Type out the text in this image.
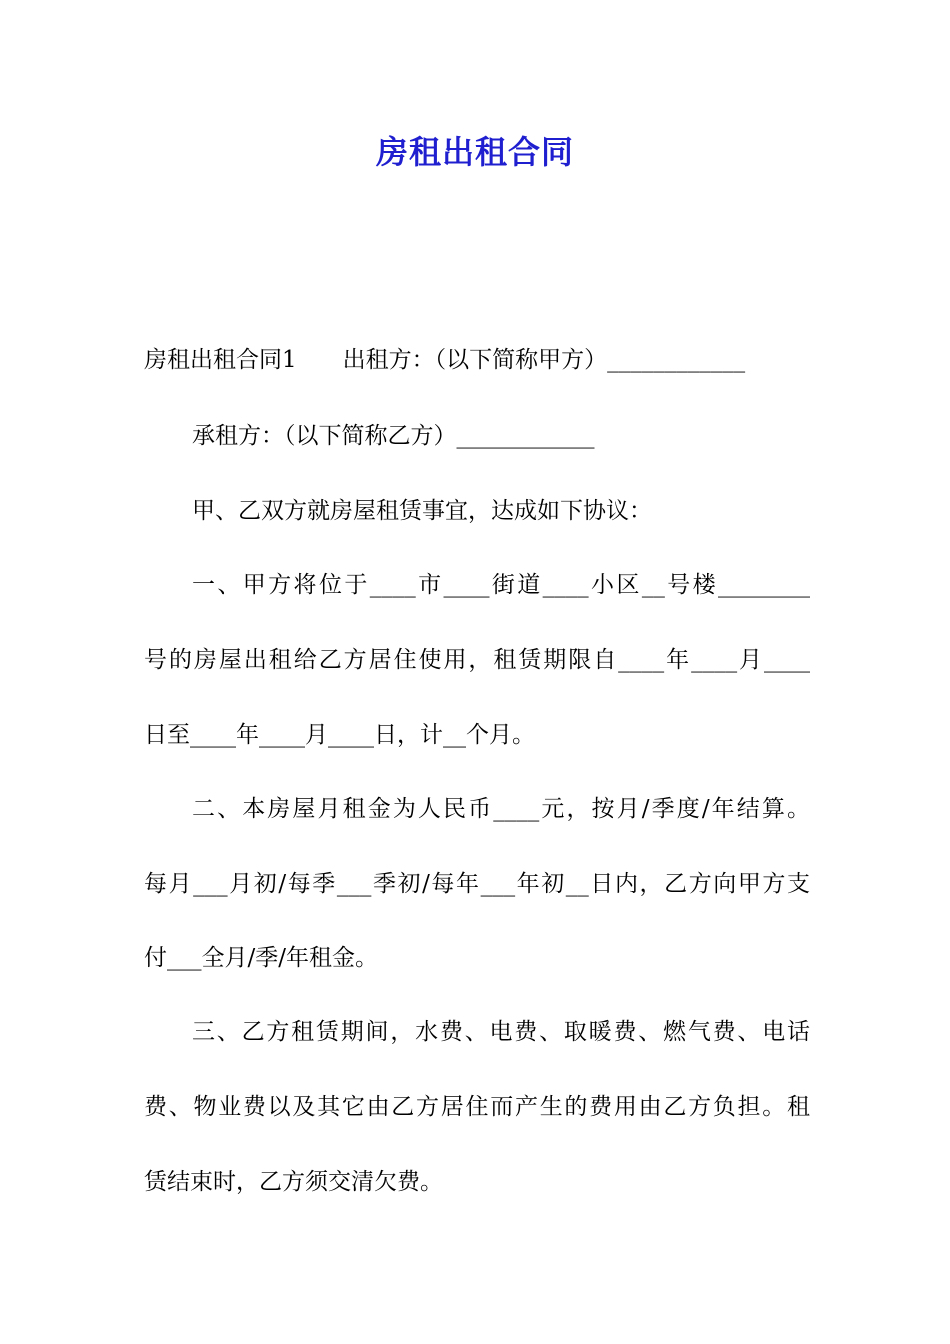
房租出租合同
房租出租合同1　　出租方：（以下简称甲方）____________
承租方：（以下简称乙方）____________
甲、乙双方就房屋租赁事宜，达成如下协议：
一、甲方将位于____市____街道____小区__号楼________
号的房屋出租给乙方居住使用，租赁期限自____年____月____
日至____年____月____日，计__个月。
二、本房屋月租金为人民币____元，按月/季度/年结算。
每月___月初/每季___季初/每年___年初__日内，乙方向甲方支
付___全月/季/年租金。
三、乙方租赁期间，水费、电费、取暖费、燃气费、电话
费、物业费以及其它由乙方居住而产生的费用由乙方负担。租
赁结束时，乙方须交清欠费。
